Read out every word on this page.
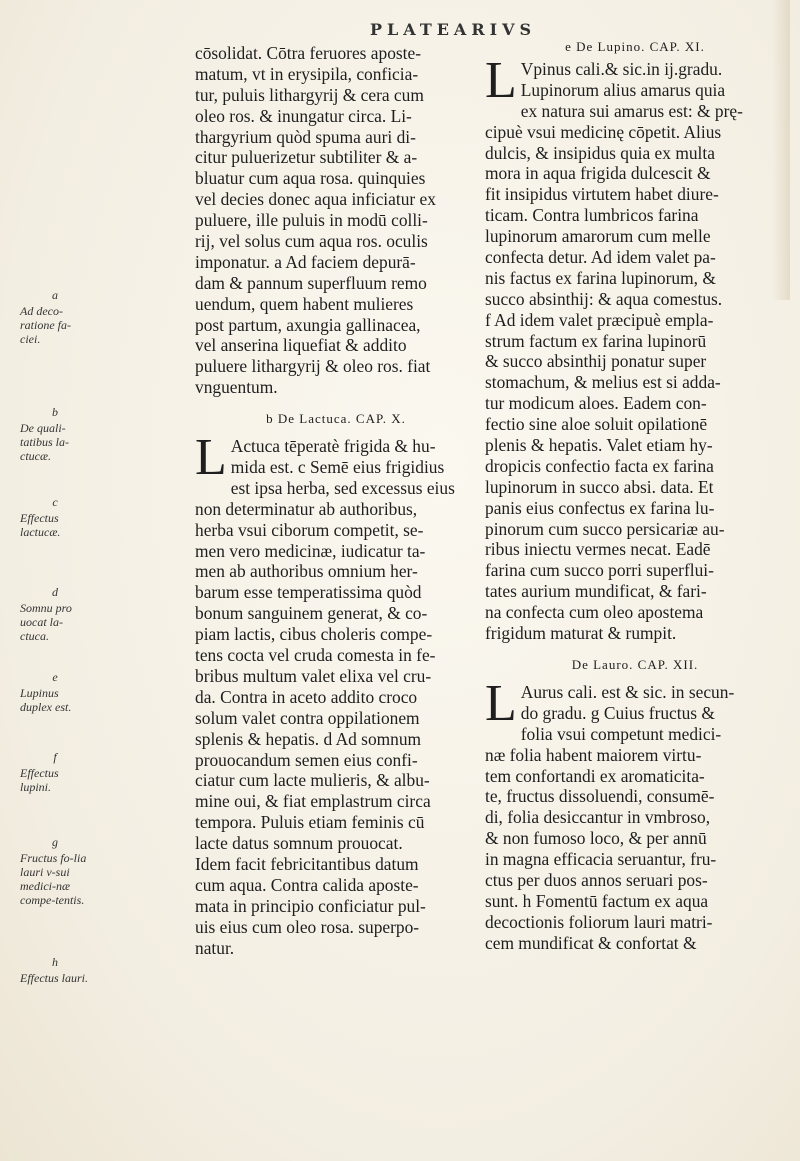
PLATEARIVS
a
Ad deco-ratione fa-ciei.
b
De quali-tatibus la-ctucæ.
c
Effectus lactucæ.
d
Somnu pro uocat la-ctuca.
e
Lupinus duplex est.
f
Effectus lupini.
g
Fructus fo-lia lauri v-sui medici-næ compe-tentis.
h
Effectus lauri.
cōsolidat. Cōtra feruores aposte-
matum, vt in erysipila, conficia-
tur, puluis lithargyrij & cera cum
oleo ros. & inungatur circa. Li-
thargyrium quòd spuma auri di-
citur puluerizetur subtiliter & a-
bluatur cum aqua rosa. quinquies
vel decies donec aqua inficiatur ex
puluere, ille puluis in modū colli-
rij, vel solus cum aqua ros. oculis
imponatur. a Ad faciem depurā-
dam & pannum superfluum remo
uendum, quem habent mulieres
post partum, axungia gallinacea,
vel anserina liquefiat & addito
puluere lithargyrij & oleo ros. fiat
vnguentum.
b De Lactuca. CAP. X.
L Actuca tēperatè frigida & hu-
mida est. c Semē eius frigidius
est ipsa herba, sed excessus eius
non determinatur ab authoribus,
herba vsui ciborum competit, se-
men vero medicinæ, iudicatur ta-
men ab authoribus omnium her-
barum esse temperatissima quòd
bonum sanguinem generat, & co-
piam lactis, cibus choleris compe-
tens cocta vel cruda comesta in fe-
bribus multum valet elixa vel cru-
da. Contra in aceto addito croco
solum valet contra oppilationem
splenis & hepatis. d Ad somnum
prouocandum semen eius confi-
ciatur cum lacte mulieris, & albu-
mine oui, & fiat emplastrum circa
tempora. Puluis etiam feminis cū
lacte datus somnum prouocat.
Idem facit febricitantibus datum
cum aqua. Contra calida aposte-
mata in principio conficiatur pul-
uis eius cum oleo rosa. superpo-
natur.
e De Lupino. CAP. XI.
L Vpinus cali.& sic.in ij.gradu.
Lupinorum alius amarus quia
ex natura sui amarus est: & prę-
cipuè vsui medicinę cōpetit. Alius
dulcis, & insipidus quia ex multa
mora in aqua frigida dulcescit &
fit insipidus virtutem habet diure-
ticam. Contra lumbricos farina
lupinorum amarorum cum melle
confecta detur. Ad idem valet pa-
nis factus ex farina lupinorum, &
succo absinthij: & aqua comestus.
f Ad idem valet præcipuè empla-
strum factum ex farina lupinorū
& succo absinthij ponatur super
stomachum, & melius est si adda-
tur modicum aloes. Eadem con-
fectio sine aloe soluit opilationē
plenis & hepatis. Valet etiam hy-
dropicis confectio facta ex farina
lupinorum in succo absi. data. Et
panis eius confectus ex farina lu-
pinorum cum succo persicariæ au-
ribus iniectu vermes necat. Eadē
farina cum succo porri superflui-
tates aurium mundificat, & fari-
na confecta cum oleo apostema
frigidum maturat & rumpit.
De Lauro. CAP. XII.
L Aurus cali. est & sic. in secun-
do gradu. g Cuius fructus &
folia vsui competunt medici-
næ folia habent maiorem virtu-
tem confortandi ex aromaticita-
te, fructus dissoluendi, consumē-
di, folia desiccantur in vmbroso,
& non fumoso loco, & per annū
in magna efficacia seruantur, fru-
ctus per duos annos seruari pos-
sunt. h Fomentū factum ex aqua
decoctionis foliorum lauri matri-
cem mundificat & confortat &
